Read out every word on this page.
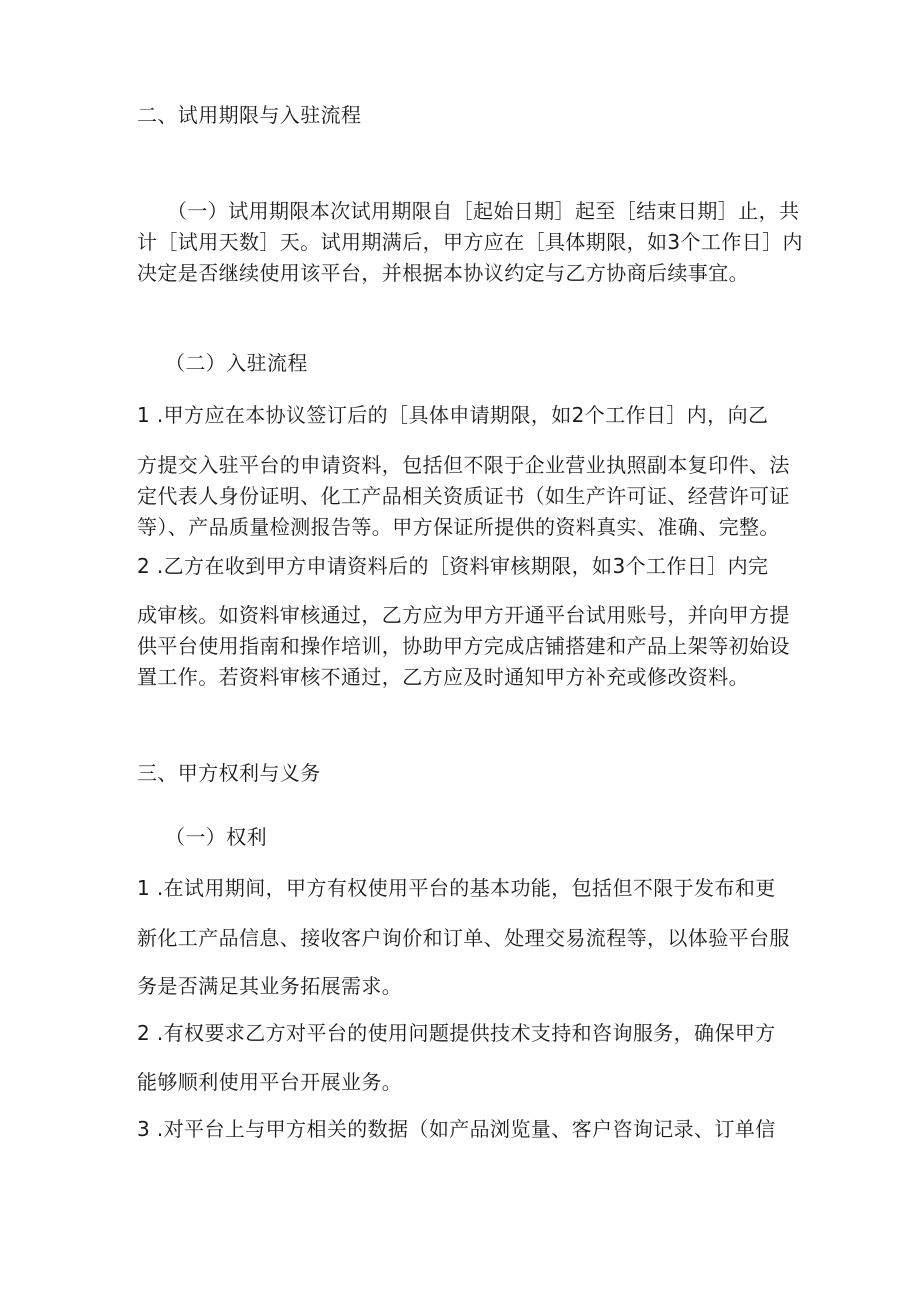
二、试用期限与入驻流程

（一）试用期限本次试用期限自［起始日期］起至［结束日期］止，共
计［试用天数］天。试用期满后，甲方应在［具体期限，如3个工作日］内
决定是否继续使用该平台，并根据本协议约定与乙方协商后续事宜。

（二）入驻流程

1 .甲方应在本协议签订后的［具体申请期限，如2个工作日］内，向乙

方提交入驻平台的申请资料，包括但不限于企业营业执照副本复印件、法
定代表人身份证明、化工产品相关资质证书（如生产许可证、经营许可证
等）、产品质量检测报告等。甲方保证所提供的资料真实、准确、完整。

2 .乙方在收到甲方申请资料后的［资料审核期限，如3个工作日］内完

成审核。如资料审核通过，乙方应为甲方开通平台试用账号，并向甲方提
供平台使用指南和操作培训，协助甲方完成店铺搭建和产品上架等初始设
置工作。若资料审核不通过，乙方应及时通知甲方补充或修改资料。

三、甲方权利与义务

（一）权利

1 .在试用期间，甲方有权使用平台的基本功能，包括但不限于发布和更

新化工产品信息、接收客户询价和订单、处理交易流程等，以体验平台服

务是否满足其业务拓展需求。

2 .有权要求乙方对平台的使用问题提供技术支持和咨询服务，确保甲方

能够顺利使用平台开展业务。

3 .对平台上与甲方相关的数据（如产品浏览量、客户咨询记录、订单信
